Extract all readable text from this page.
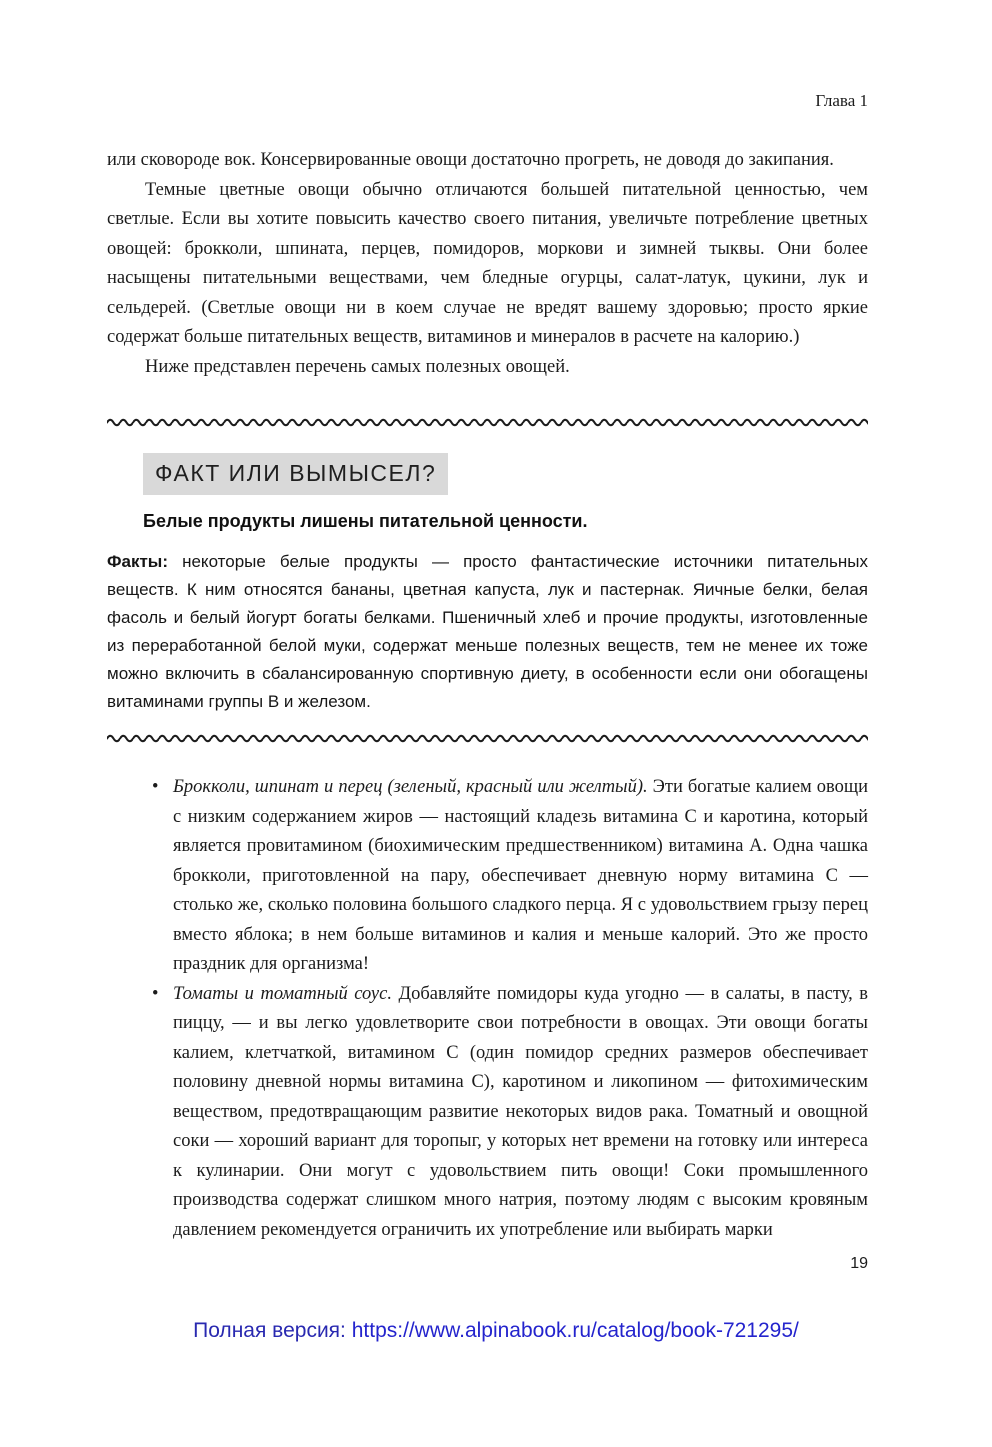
Глава 1

или сковороде вок. Консервированные овощи достаточно прогреть, не доводя до закипания.

Темные цветные овощи обычно отличаются большей питательной ценностью, чем светлые. Если вы хотите повысить качество своего питания, увеличьте потребление цветных овощей: брокколи, шпината, перцев, помидоров, моркови и зимней тыквы. Они более насыщены питательными веществами, чем бледные огурцы, салат-латук, цукини, лук и сельдерей. (Светлые овощи ни в коем случае не вредят вашему здоровью; просто яркие содержат больше питательных веществ, витаминов и минералов в расчете на калорию.)

Ниже представлен перечень самых полезных овощей.

ФАКТ ИЛИ ВЫМЫСЕЛ?
Белые продукты лишены питательной ценности.

Факты: некоторые белые продукты — просто фантастические источники питательных веществ. К ним относятся бананы, цветная капуста, лук и пастернак. Яичные белки, белая фасоль и белый йогурт богаты белками. Пшеничный хлеб и прочие продукты, изготовленные из переработанной белой муки, содержат меньше полезных веществ, тем не менее их тоже можно включить в сбалансированную спортивную диету, в особенности если они обогащены витаминами группы В и железом.

• Брокколи, шпинат и перец (зеленый, красный или желтый). Эти богатые калием овощи с низким содержанием жиров — настоящий кладезь витамина C и каротина, который является провитамином (биохимическим предшественником) витамина А. Одна чашка брокколи, приготовленной на пару, обеспечивает дневную норму витамина C — столько же, сколько половина большого сладкого перца. Я с удовольствием грызу перец вместо яблока; в нем больше витаминов и калия и меньше калорий. Это же просто праздник для организма!
• Томаты и томатный соус. Добавляйте помидоры куда угодно — в салаты, в пасту, в пиццу, — и вы легко удовлетворите свои потребности в овощах. Эти овощи богаты калием, клетчаткой, витамином C (один помидор средних размеров обеспечивает половину дневной нормы витамина C), каротином и ликопином — фитохимическим веществом, предотвращающим развитие некоторых видов рака. Томатный и овощной соки — хороший вариант для торопыг, у которых нет времени на готовку или интереса к кулинарии. Они могут с удовольствием пить овощи! Соки промышленного производства содержат слишком много натрия, поэтому людям с высоким кровяным давлением рекомендуется ограничить их употребление или выбирать марки
19
Полная версия: https://www.alpinabook.ru/catalog/book-721295/
